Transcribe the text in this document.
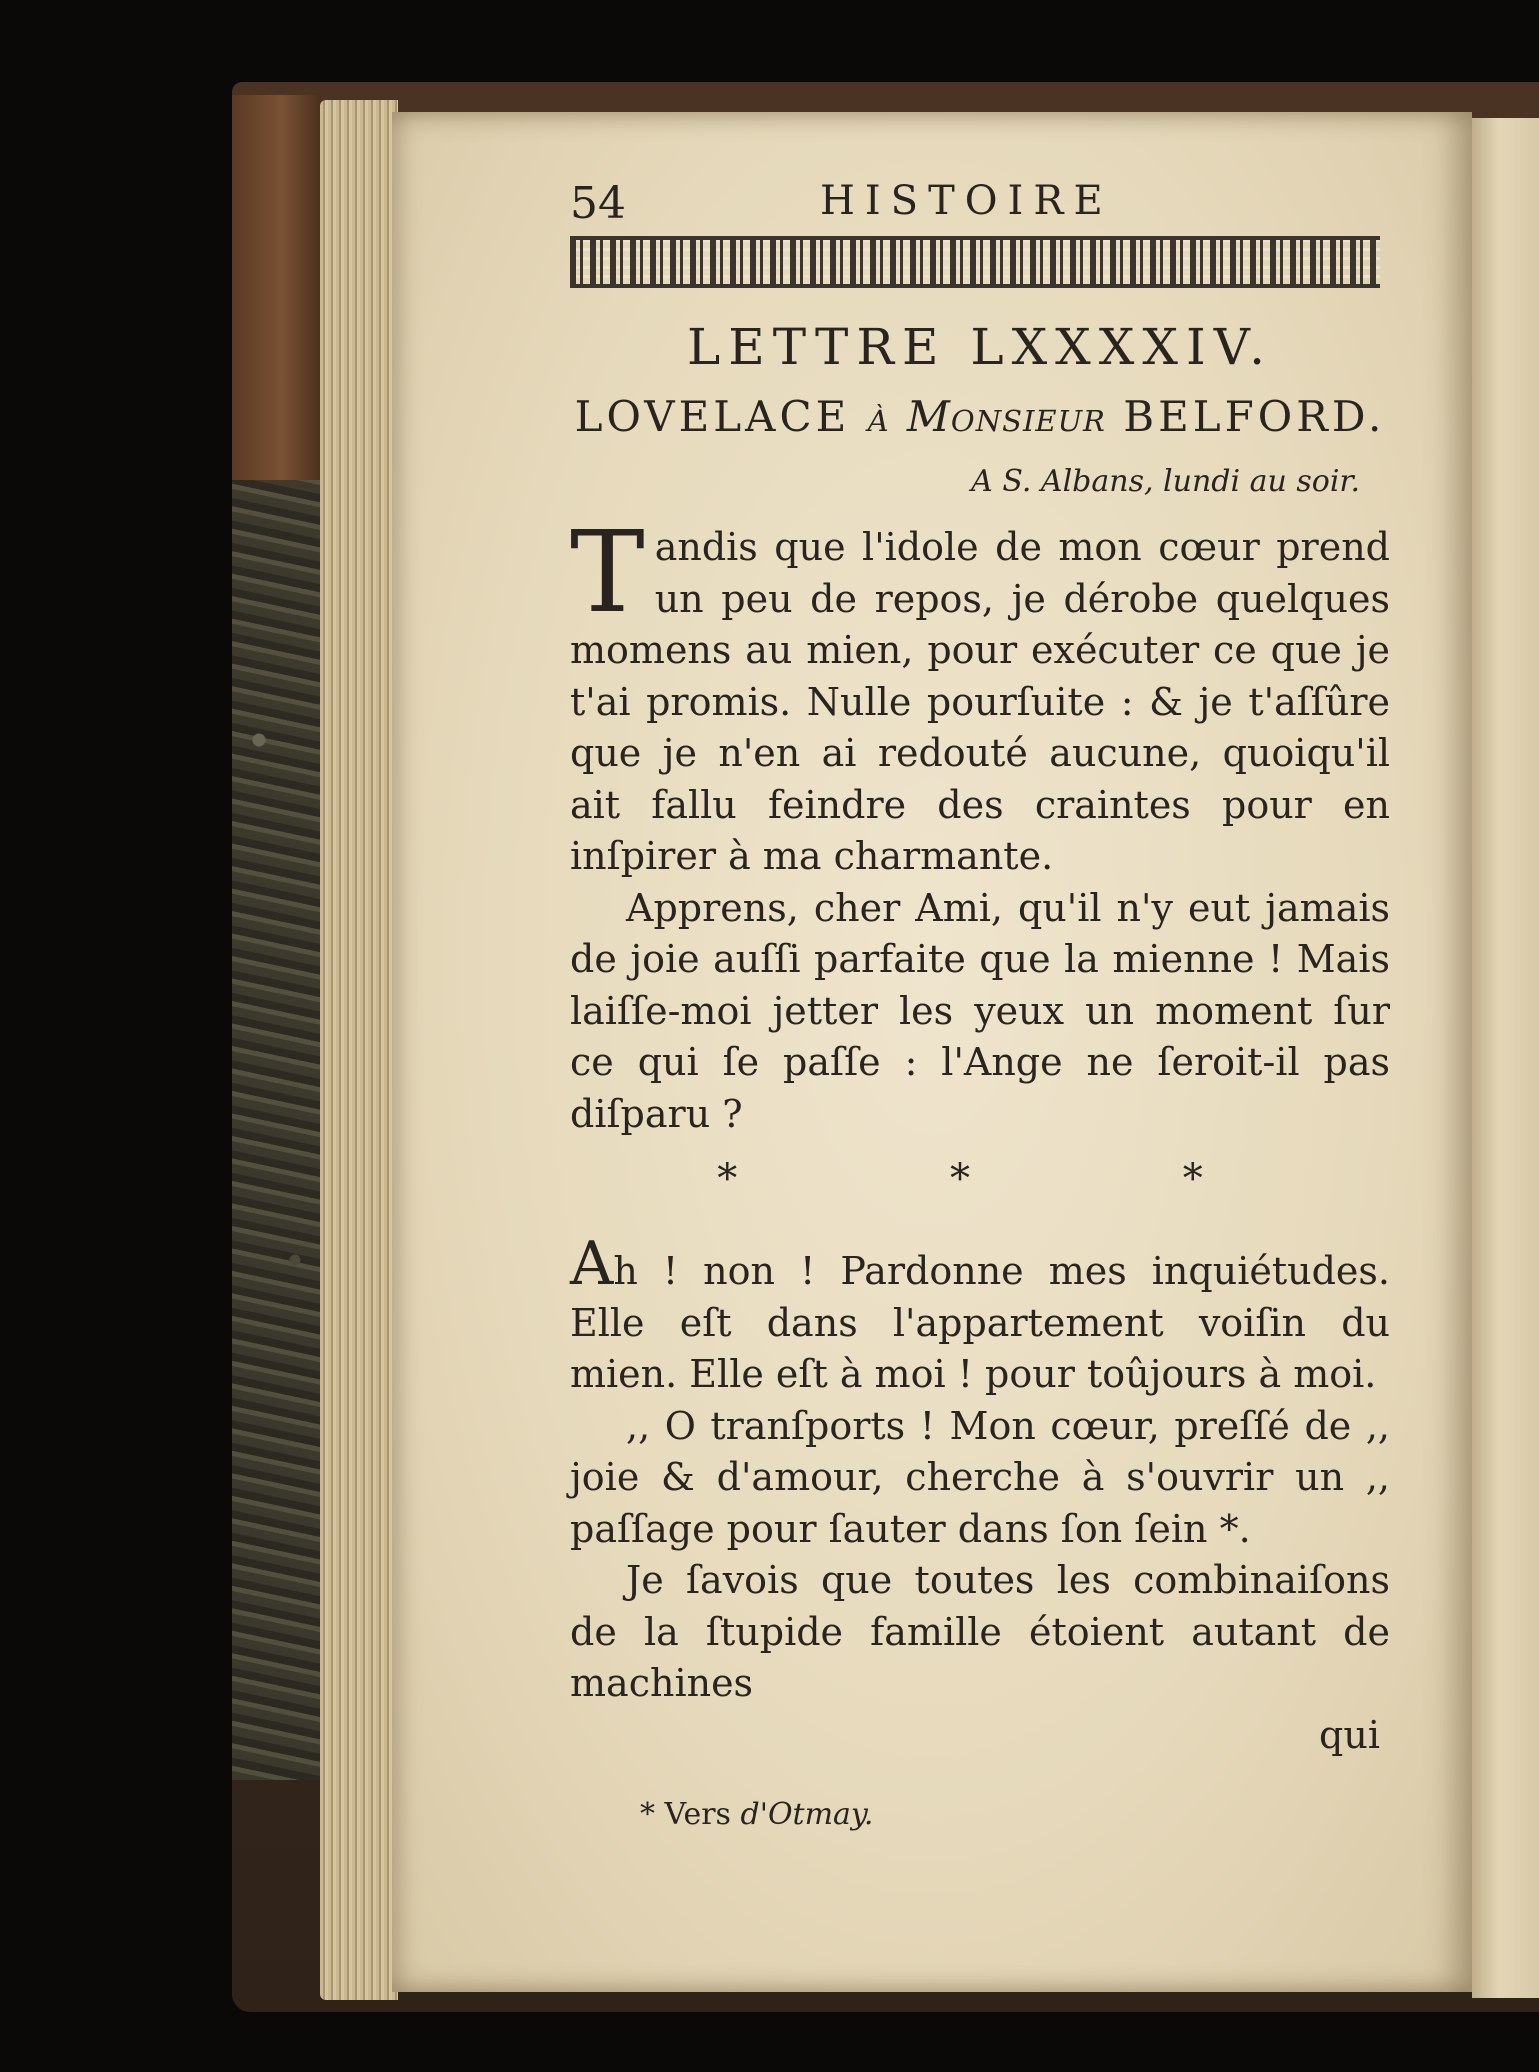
54	HISTOIRE
LETTRE LXXXXIV.
LOVELACE à Monsieur BELFORD.
A S. Albans, lundi au soir.

Tandis que l'idole de mon cœur prend un peu de repos, je dérobe quelques momens au mien, pour exécuter ce que je t'ai promis. Nulle pourſuite : & je t'aſſûre que je n'en ai redouté aucune, quoiqu'il ait fallu feindre des craintes pour en inſpirer à ma charmante.

Apprens, cher Ami, qu'il n'y eut jamais de joie auſſi parfaite que la mienne ! Mais laiſſe-moi jetter les yeux un moment ſur ce qui ſe paſſe : l'Ange ne ſeroit-il pas diſparu ?

* * *

Ah ! non ! Pardonne mes inquiétudes. Elle eſt dans l'appartement voiſin du mien. Elle eſt à moi ! pour toûjours à moi.

,, O tranſports ! Mon cœur, preſſé de ,, joie & d'amour, cherche à s'ouvrir un ,, paſſage pour ſauter dans ſon ſein *.

Je ſavois que toutes les combinaiſons de la ſtupide famille étoient autant de machines

qui
* Vers d'Otmay.
